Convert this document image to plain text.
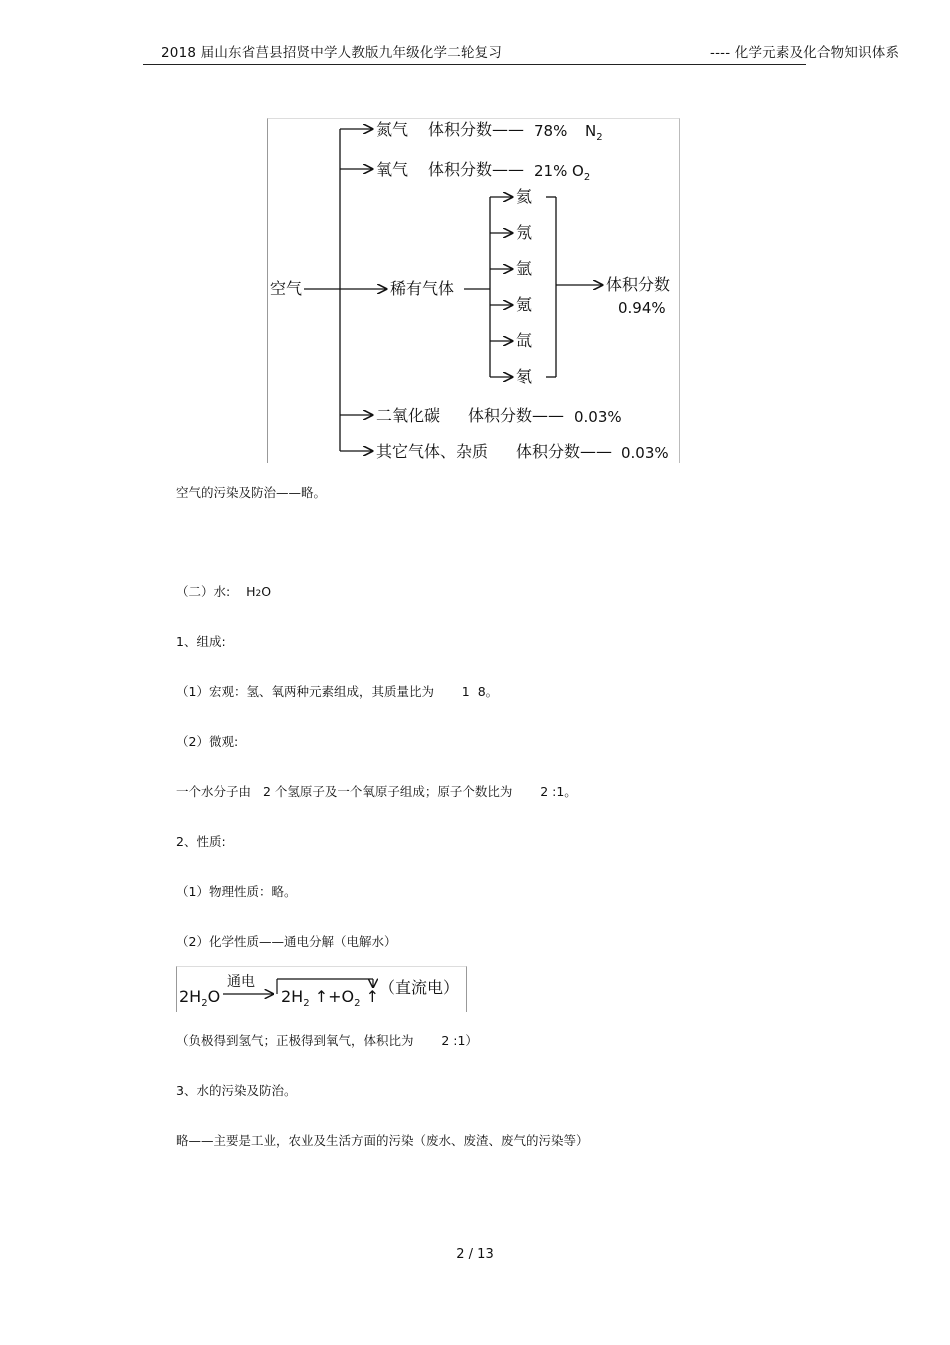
2018 届山东省莒县招贤中学人教版九年级化学二轮复习	---- 化学元素及化合物知识体系
空气
氮气 体积分数—— 78% $N_2$
氧气 体积分数—— 21% $O_2$
稀有气体
氦
氖
氩
氪
氙
氡
体积分数
0.94%
二氧化碳 体积分数—— 0.03%
其它气体、杂质 体积分数—— 0.03%
空气的污染及防治——略。
（二）水: H2O
1、组成:
（1）宏观：氢、氧两种元素组成，其质量比为 1  8。
（2）微观:
一个水分子由 2 个氢原子及一个氧原子组成；原子个数比为 2 :1。
2、性质:
（1）物理性质：略。
（2）化学性质——通电分解（电解水）
$2H_2O$
通电
$2H_2$ $↑+O_2$ ↑ （直流电）
（负极得到氢气；正极得到氧气，体积比为 2 :1）
3、水的污染及防治。
略——主要是工业，农业及生活方面的污染（废水、废渣、废气的污染等）
2 / 13
